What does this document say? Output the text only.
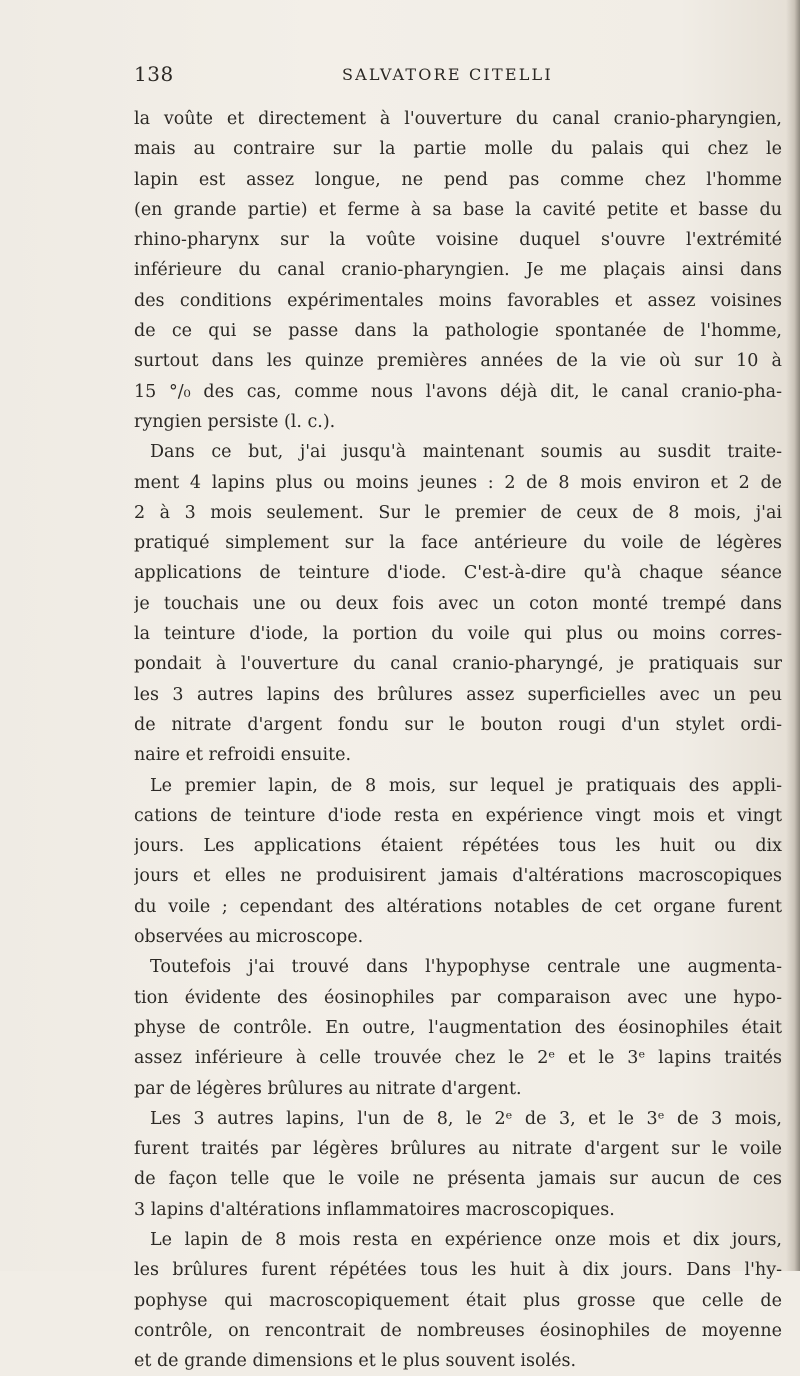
138	SALVATORE CITELLI
la voûte et directement à l'ouverture du canal cranio-pharyngien,
mais au contraire sur la partie molle du palais qui chez le
lapin est assez longue, ne pend pas comme chez l'homme
(en grande partie) et ferme à sa base la cavité petite et basse du
rhino-pharynx sur la voûte voisine duquel s'ouvre l'extrémité
inférieure du canal cranio-pharyngien. Je me plaçais ainsi dans
des conditions expérimentales moins favorables et assez voisines
de ce qui se passe dans la pathologie spontanée de l'homme,
surtout dans les quinze premières années de la vie où sur 10 à
15 °/₀ des cas, comme nous l'avons déjà dit, le canal cranio-pha-
ryngien persiste (l. c.).
Dans ce but, j'ai jusqu'à maintenant soumis au susdit traite-
ment 4 lapins plus ou moins jeunes : 2 de 8 mois environ et 2 de
2 à 3 mois seulement. Sur le premier de ceux de 8 mois, j'ai
pratiqué simplement sur la face antérieure du voile de légères
applications de teinture d'iode. C'est-à-dire qu'à chaque séance
je touchais une ou deux fois avec un coton monté trempé dans
la teinture d'iode, la portion du voile qui plus ou moins corres-
pondait à l'ouverture du canal cranio-pharyngé, je pratiquais sur
les 3 autres lapins des brûlures assez superficielles avec un peu
de nitrate d'argent fondu sur le bouton rougi d'un stylet ordi-
naire et refroidi ensuite.
Le premier lapin, de 8 mois, sur lequel je pratiquais des appli-
cations de teinture d'iode resta en expérience vingt mois et vingt
jours. Les applications étaient répétées tous les huit ou dix
jours et elles ne produisirent jamais d'altérations macroscopiques
du voile ; cependant des altérations notables de cet organe furent
observées au microscope.
Toutefois j'ai trouvé dans l'hypophyse centrale une augmenta-
tion évidente des éosinophiles par comparaison avec une hypo-
physe de contrôle. En outre, l'augmentation des éosinophiles était
assez inférieure à celle trouvée chez le 2ᵉ et le 3ᵉ lapins traités
par de légères brûlures au nitrate d'argent.
Les 3 autres lapins, l'un de 8, le 2ᵉ de 3, et le 3ᵉ de 3 mois,
furent traités par légères brûlures au nitrate d'argent sur le voile
de façon telle que le voile ne présenta jamais sur aucun de ces
3 lapins d'altérations inflammatoires macroscopiques.
Le lapin de 8 mois resta en expérience onze mois et dix jours,
les brûlures furent répétées tous les huit à dix jours. Dans l'hy-
pophyse qui macroscopiquement était plus grosse que celle de
contrôle, on rencontrait de nombreuses éosinophiles de moyenne
et de grande dimensions et le plus souvent isolés.
